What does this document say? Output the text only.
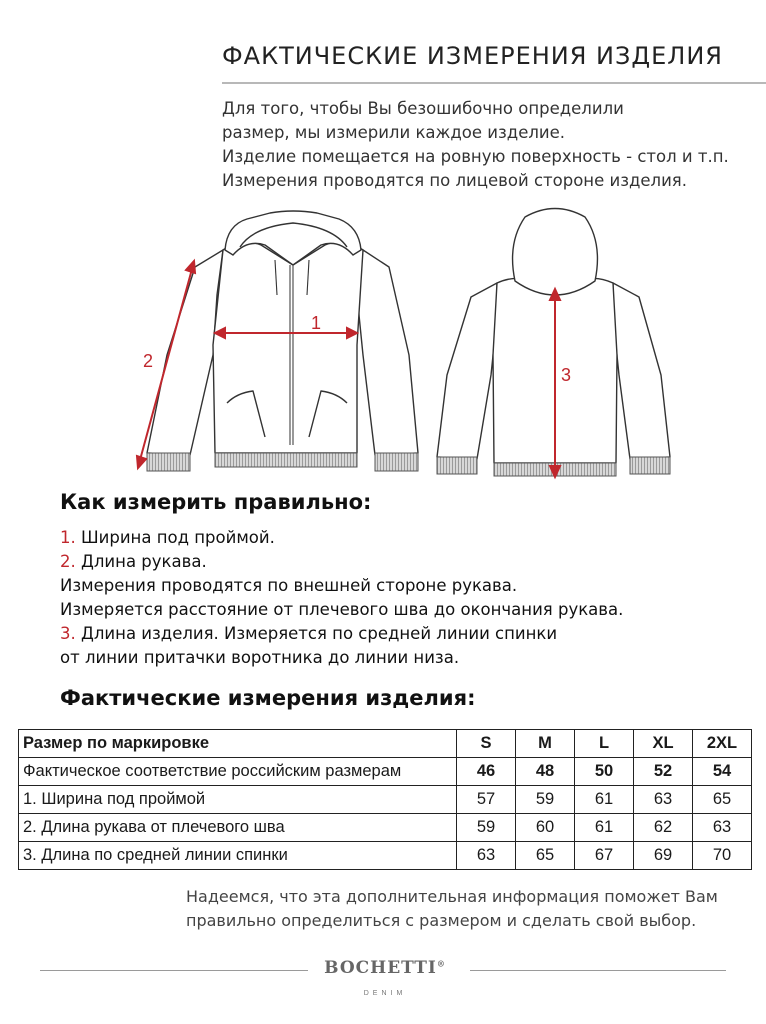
ФАКТИЧЕСКИЕ ИЗМЕРЕНИЯ ИЗДЕЛИЯ
Для того, чтобы Вы безошибочно определили
размер, мы измерили каждое изделие.
Изделие помещается на ровную поверхность - стол и т.п.
Измерения проводятся по лицевой стороне изделия.
1
2
3
Как измерить правильно:
1. Ширина под проймой.
2. Длина рукава.
Измерения проводятся по внешней стороне рукава.
Измеряется расстояние от плечевого шва до окончания рукава.
3. Длина изделия. Измеряется по средней линии спинки
от линии притачки воротника до линии низа.
Фактические измерения изделия:
Размер по маркировке	S	M	L	XL	2XL
Фактическое соответствие российским размерам	46	48	50	52	54
1. Ширина под проймой	57	59	61	63	65
2. Длина рукава от плечевого шва	59	60	61	62	63
3. Длина по средней линии спинки	63	65	67	69	70
Надеемся, что эта дополнительная информация поможет Вам
правильно определиться с размером и сделать свой выбор.
BOCHETTI®
DENIM
